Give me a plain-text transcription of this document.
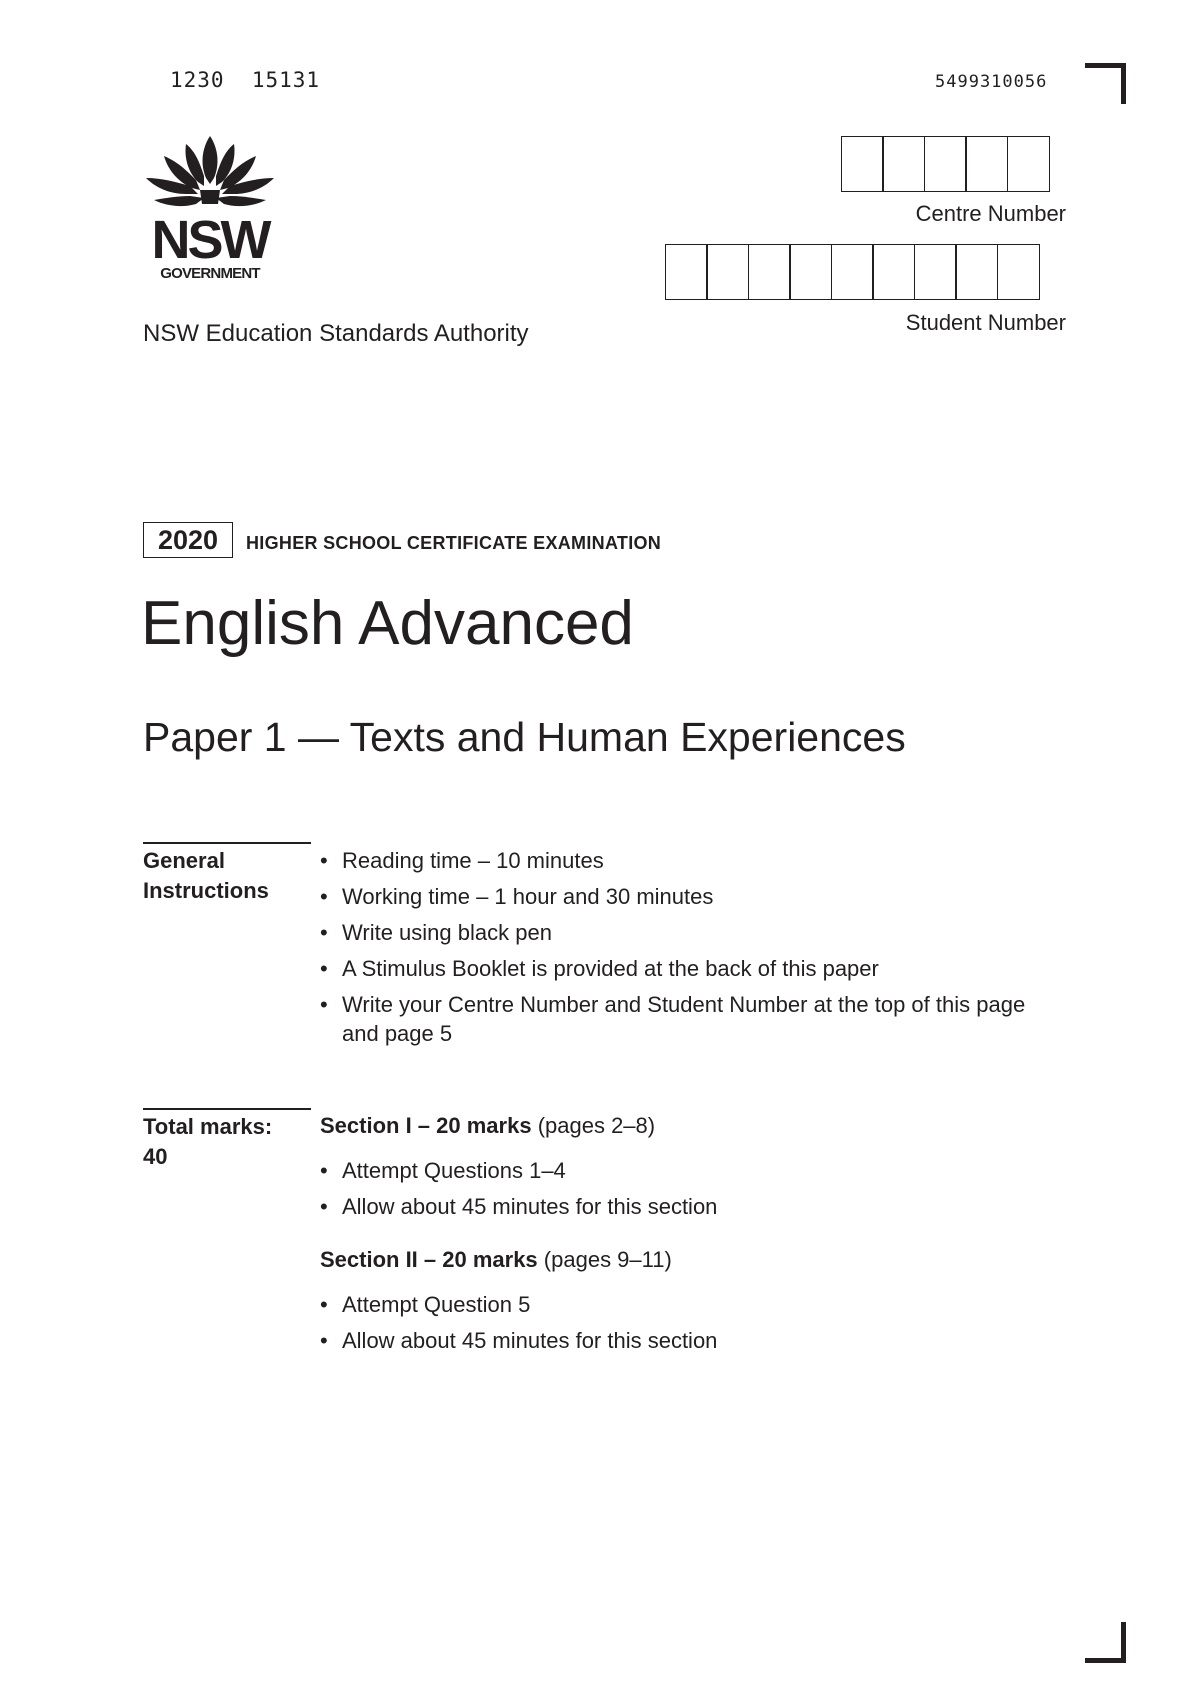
1230  15131	5499310056
NSW
GOVERNMENT
NSW Education Standards Authority
Centre Number
Student Number
2020	HIGHER SCHOOL CERTIFICATE EXAMINATION
English Advanced
Paper 1 — Texts and Human Experiences
General
Instructions
• Reading time – 10 minutes
• Working time – 1 hour and 30 minutes
• Write using black pen
• A Stimulus Booklet is provided at the back of this paper
• Write your Centre Number and Student Number at the top of this page and page 5
Total marks:
40
Section I – 20 marks (pages 2–8)
• Attempt Questions 1–4
• Allow about 45 minutes for this section
Section II – 20 marks (pages 9–11)
• Attempt Question 5
• Allow about 45 minutes for this section
